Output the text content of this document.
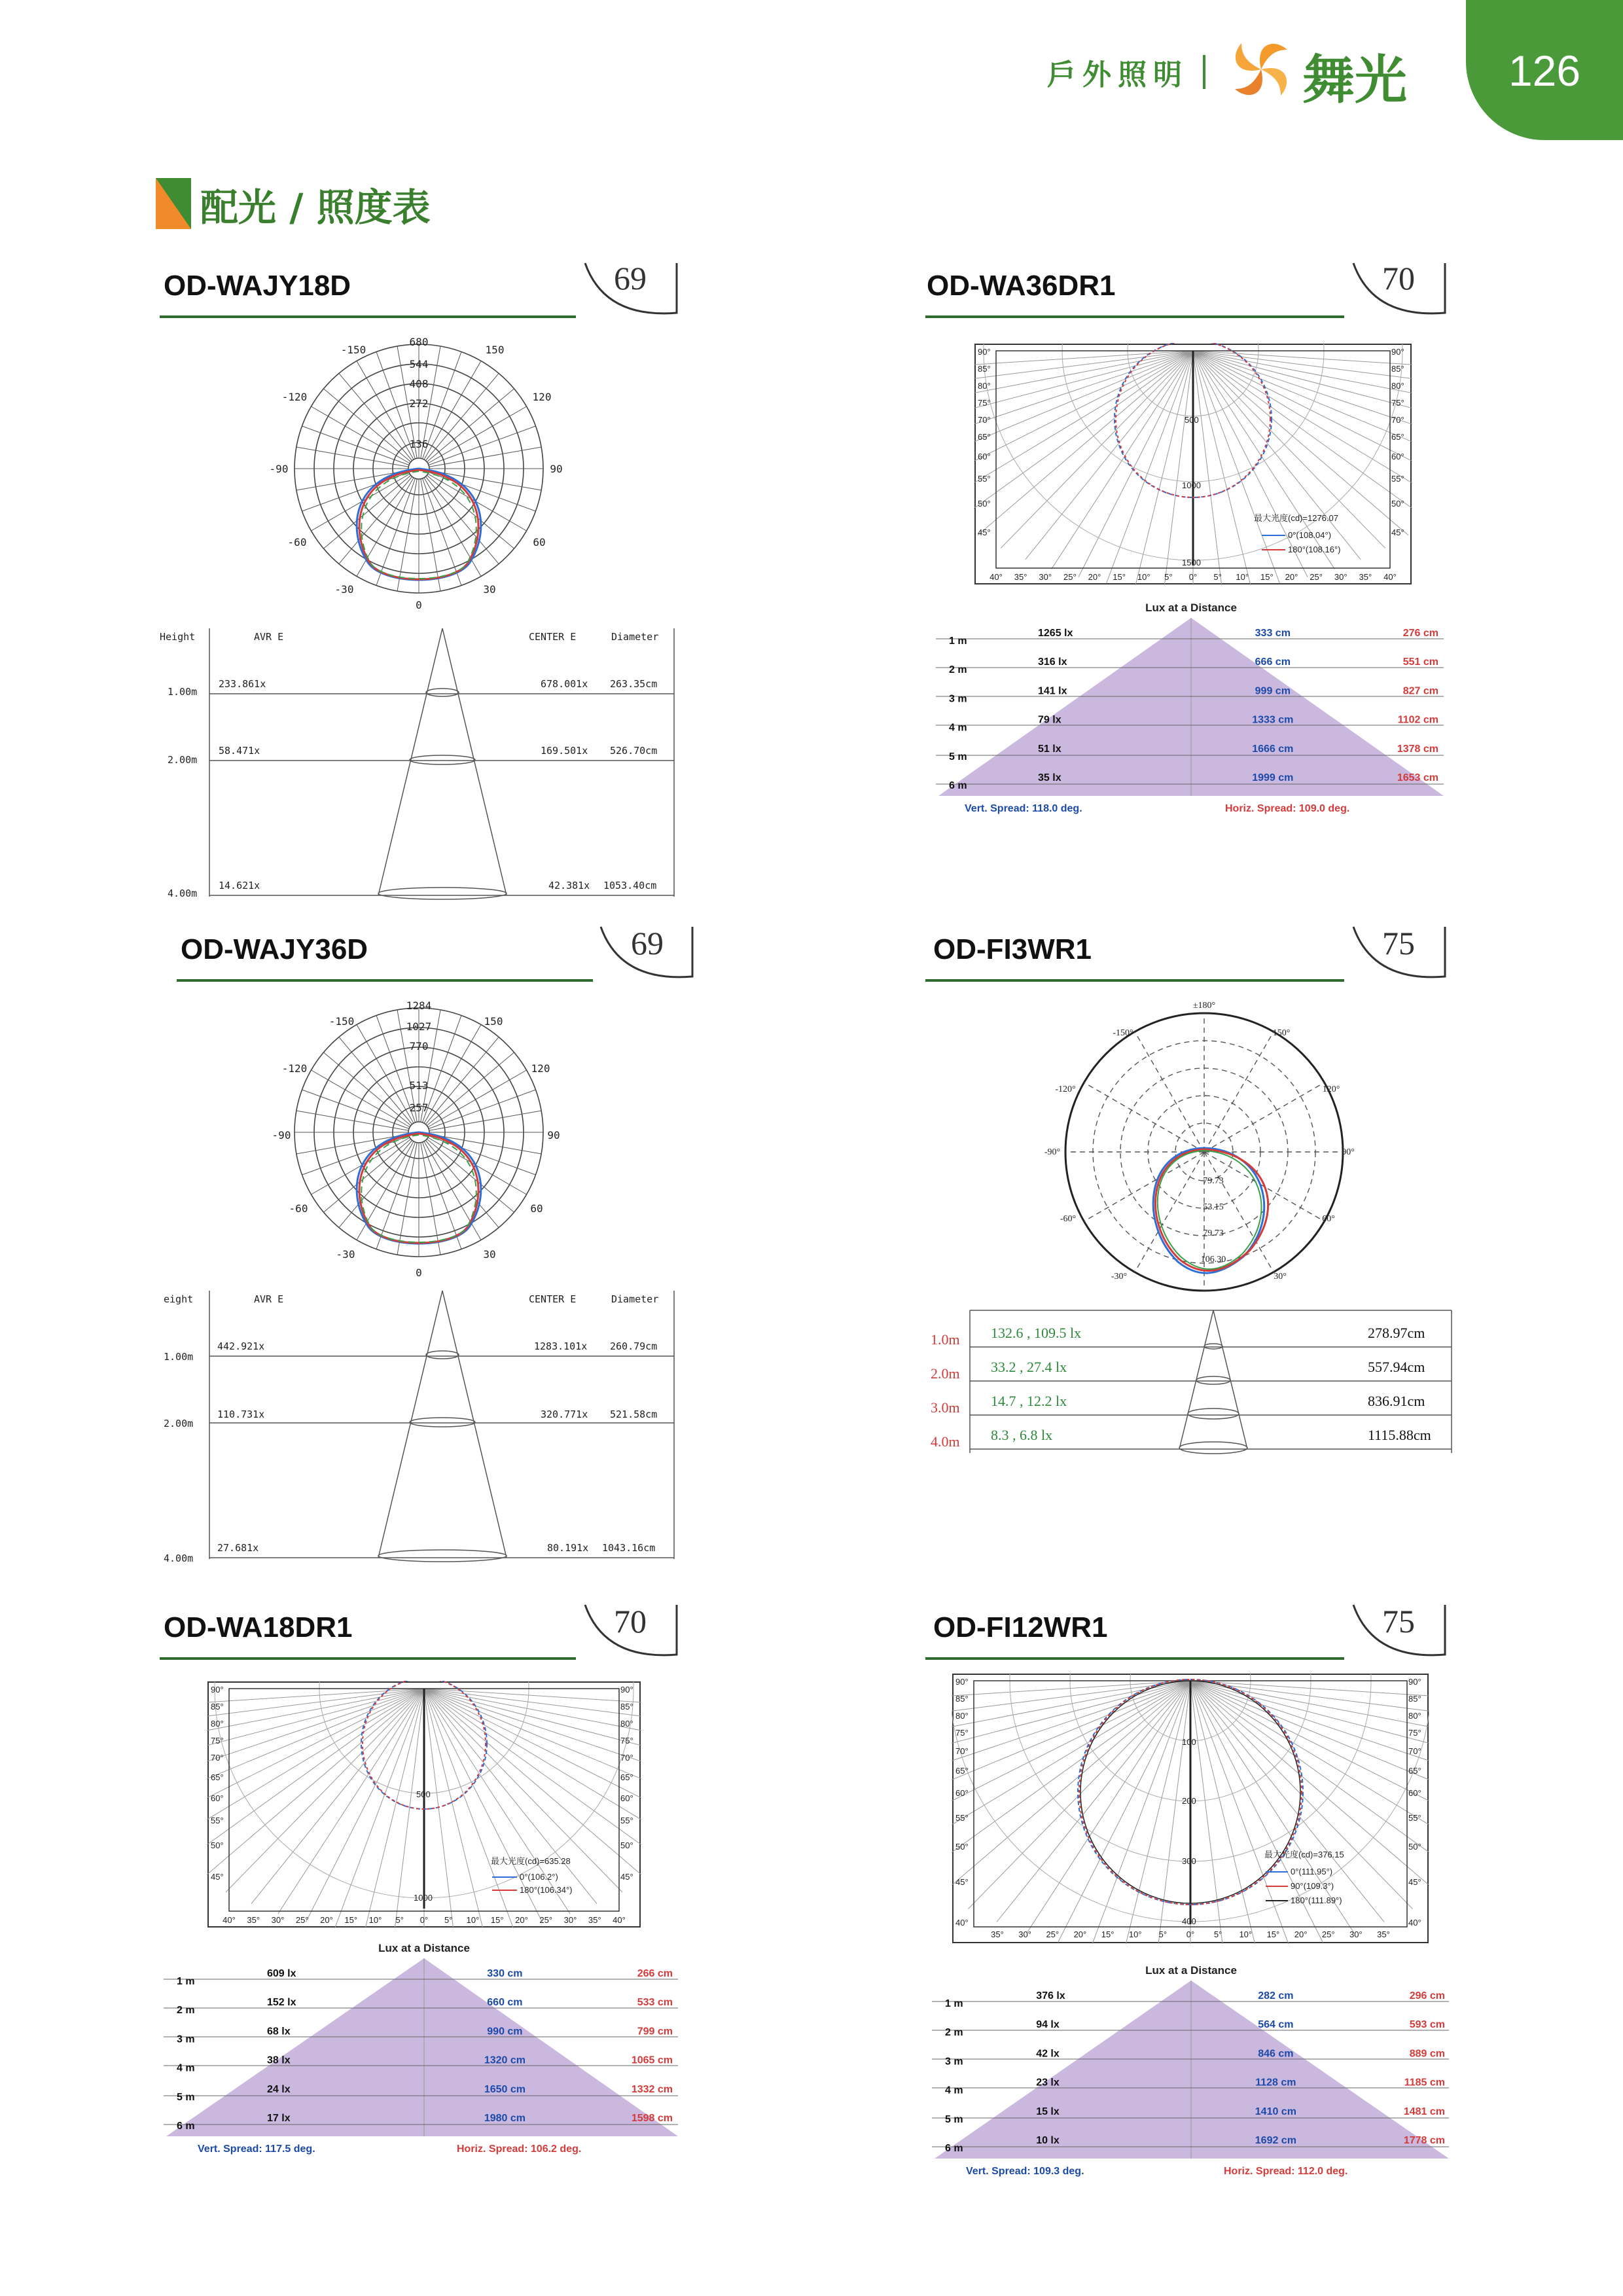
戶外照明 舞光	126
配光 / 照度表
OD-WAJY18D	69	OD-WA36DR1	70
OD-WAJY36D	69	OD-FI3WR1	75
OD-WA18DR1	70	OD-FI12WR1	75
-150
-120
-90
-60
-30
150
120
90
60
30
0
680
544
408
272
136
Height	AVR E	CENTER E	Diameter
1.00m
233.861x	678.001x 263.35cm
2.00m
58.471x	169.501x 526.70cm
4.00m
14.621x	42.381x 1053.40cm
-150
-120
-90
-60
-30
150
120
90
60
30
0
1284
1027
770
513
257
eight	AVR E	CENTER E	Diameter
1.00m
442.921x	1283.101x 260.79cm
2.00m
110.731x	320.771x 521.58cm
4.00m
27.681x	80.191x 1043.16cm
90°
85°
80°
75°
70°
65°
60°
55°
50°
45°
90°
85°
80°
75°
70°
65°
60°
55°
50°
45°
500
1000
1500
最大光度(cd)=1276.07
0°(108.04°)
180°(108.16°)
40° 35° 30° 25° 20° 15° 10° 5° 0° 5° 10° 15° 20° 25° 30° 35° 40°
1 m
1265 lx	333 cm	276 cm
2 m
316 lx	666 cm	551 cm
3 m
141 lx	999 cm	827 cm
4 m
79 lx	1333 cm	1102 cm
5 m
51 lx	1666 cm	1378 cm
6 m
35 lx	1999 cm	1653 cm
Lux at a Distance
Vert. Spread: 118.0 deg.	Horiz. Spread: 109.0 deg.
±180°
-150°
-120°
-90°
-60°
-30°
150°
120°
90°
60°
30°
79.73
53.15
79.73
106.30
1.0m 132.6 , 109.5 lx	278.97cm
2.0m 33.2 , 27.4 lx	557.94cm
3.0m 14.7 , 12.2 lx	836.91cm
4.0m 8.3 , 6.8 lx	1115.88cm
90°
85°
80°
75°
70°
65°
60°
55°
50°
45°
90°
85°
80°
75°
70°
65°
60°
55°
50°
45°
500
1000
最大光度(cd)=635.28
0°(106.2°)
180°(106.34°)
40° 35° 30° 25° 20° 15° 10° 5° 0° 5° 10° 15° 20° 25° 30° 35° 40°
1 m
609 lx	330 cm	266 cm
2 m
152 lx	660 cm	533 cm
3 m
68 lx	990 cm	799 cm
4 m
38 lx	1320 cm	1065 cm
5 m
24 lx	1650 cm	1332 cm
6 m
17 lx	1980 cm	1598 cm
Lux at a Distance
Vert. Spread: 117.5 deg.	Horiz. Spread: 106.2 deg.
90°
85°
80°
75°
70°
65°
60°
55°
50°
45°
40°
90°
85°
80°
75°
70°
65°
60°
55°
50°
45°
40°
100
200
300
400
最大光度(cd)=376.15
0°(111.95°)
90°(109.3°)
180°(111.89°)
35° 30° 25° 20° 15° 10° 5° 0° 5° 10° 15° 20° 25° 30° 35°
1 m
376 lx	282 cm	296 cm
2 m
94 lx	564 cm	593 cm
3 m
42 lx	846 cm	889 cm
4 m
23 lx	1128 cm	1185 cm
5 m
15 lx	1410 cm	1481 cm
6 m
10 lx	1692 cm	1778 cm
Lux at a Distance
Vert. Spread: 109.3 deg.	Horiz. Spread: 112.0 deg.
